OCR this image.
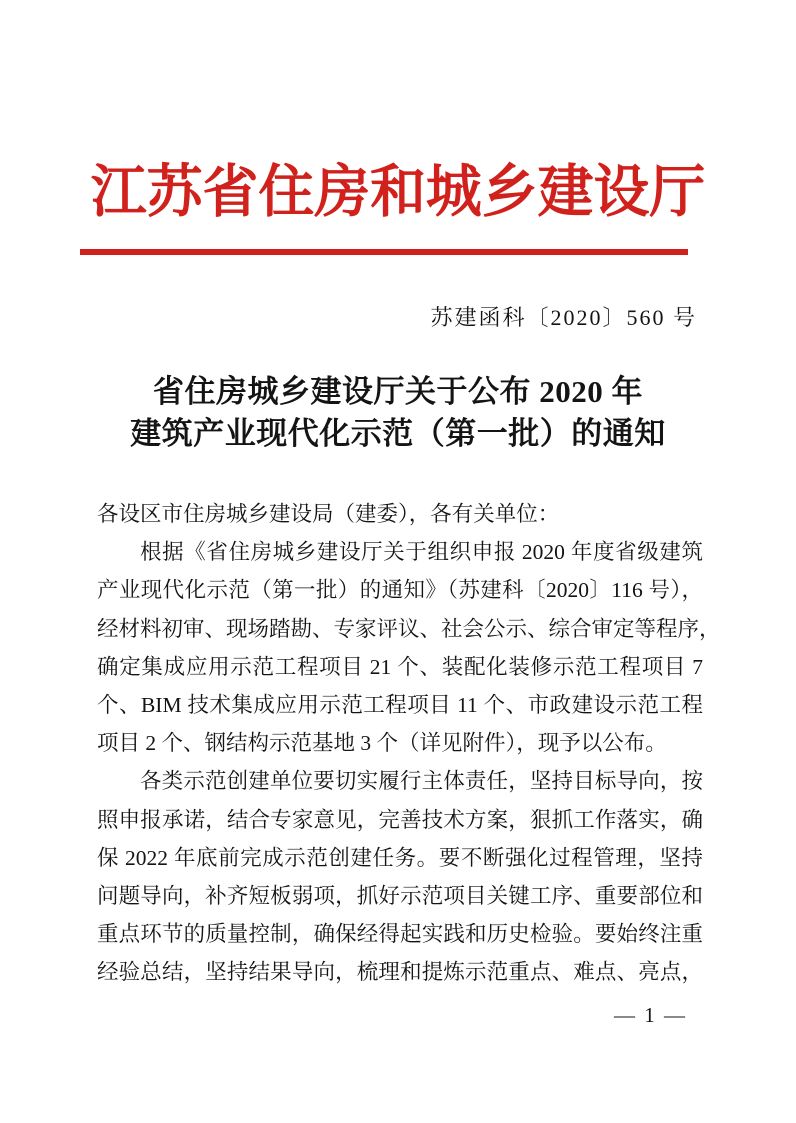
江苏省住房和城乡建设厅
苏建函科〔2020〕560 号
省住房城乡建设厅关于公布 2020 年
建筑产业现代化示范（第一批）的通知
各设区市住房城乡建设局（建委），各有关单位：
根据《省住房城乡建设厅关于组织申报 2020 年度省级建筑
产业现代化示范（第一批）的通知》（苏建科〔2020〕116 号），
经材料初审、现场踏勘、专家评议、社会公示、综合审定等程序，
确定集成应用示范工程项目 21 个、装配化装修示范工程项目 7
个、BIM 技术集成应用示范工程项目 11 个、市政建设示范工程
项目 2 个、钢结构示范基地 3 个（详见附件），现予以公布。
各类示范创建单位要切实履行主体责任，坚持目标导向，按
照申报承诺，结合专家意见，完善技术方案，狠抓工作落实，确
保 2022 年底前完成示范创建任务。要不断强化过程管理，坚持
问题导向，补齐短板弱项，抓好示范项目关键工序、重要部位和
重点环节的质量控制，确保经得起实践和历史检验。要始终注重
经验总结，坚持结果导向，梳理和提炼示范重点、难点、亮点，
— 1 —
